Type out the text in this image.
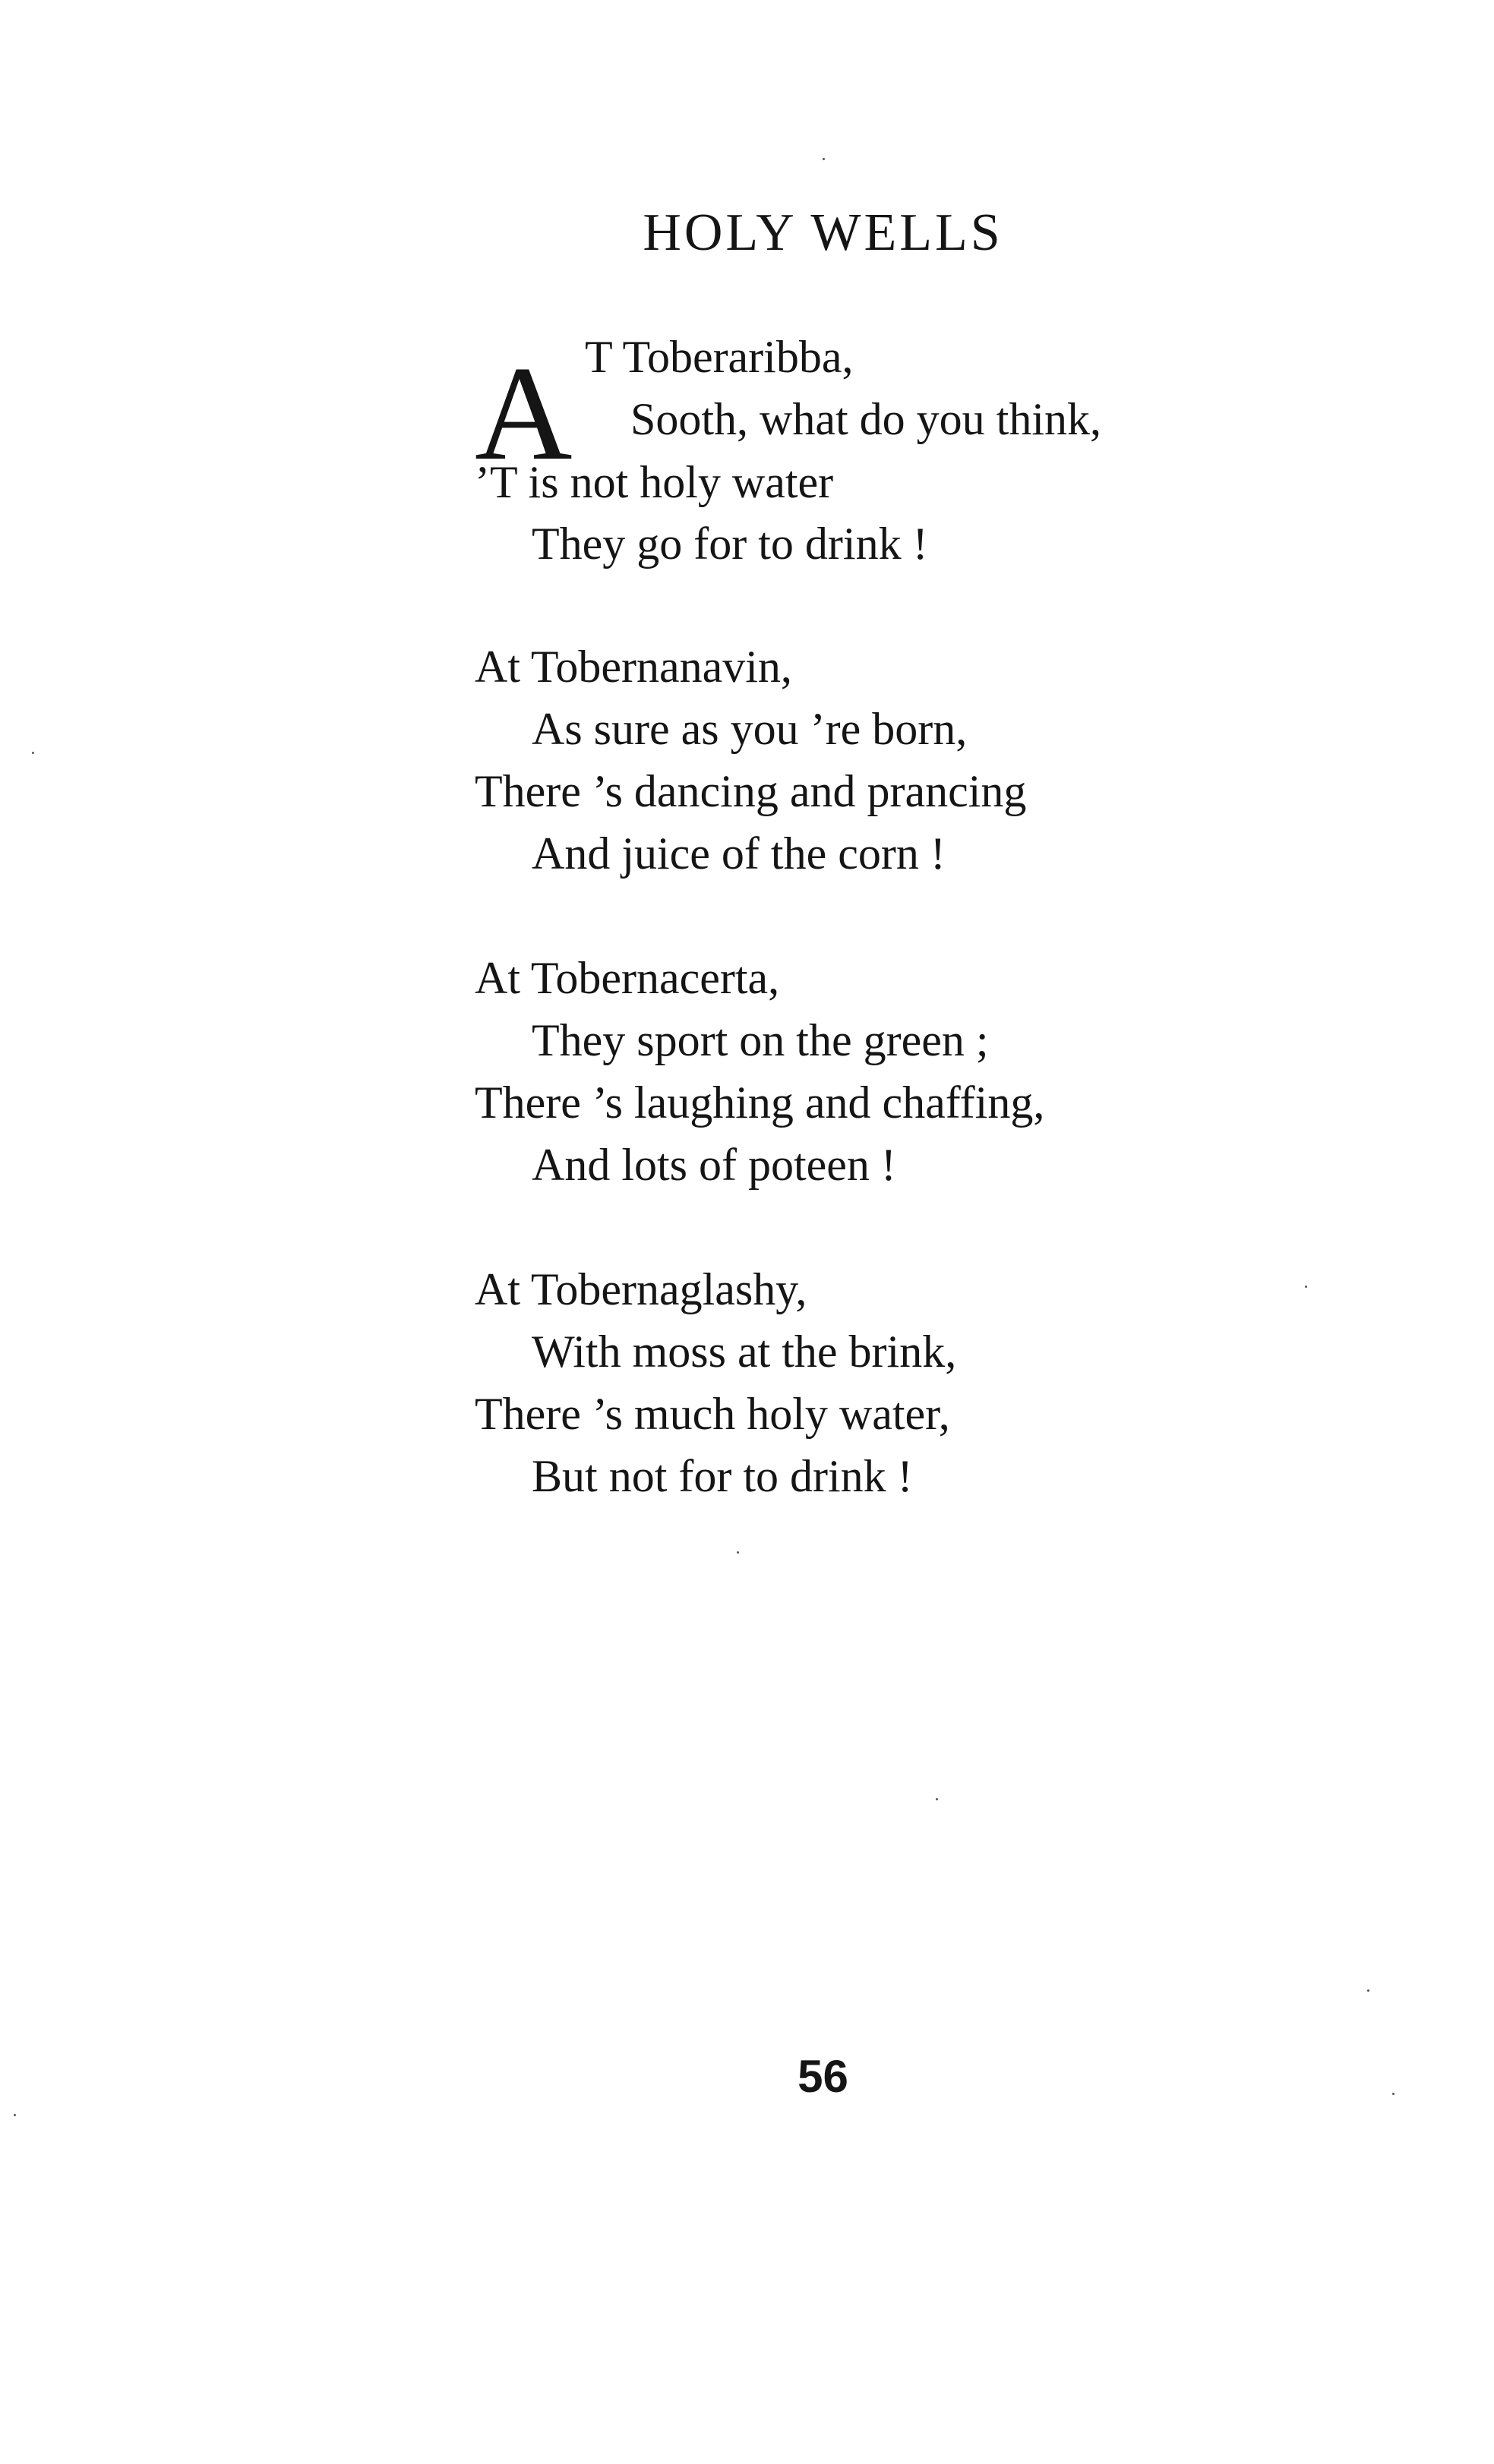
HOLY WELLS
A T Toberaribba,
Sooth, what do you think,
’T is not holy water
They go for to drink !
At Tobernanavin,
As sure as you ’re born,
There ’s dancing and prancing
And juice of the corn !
At Tobernacerta,
They sport on the green ;
There ’s laughing and chaffing,
And lots of poteen !
At Tobernaglashy,
With moss at the brink,
There ’s much holy water,
But not for to drink !
56
